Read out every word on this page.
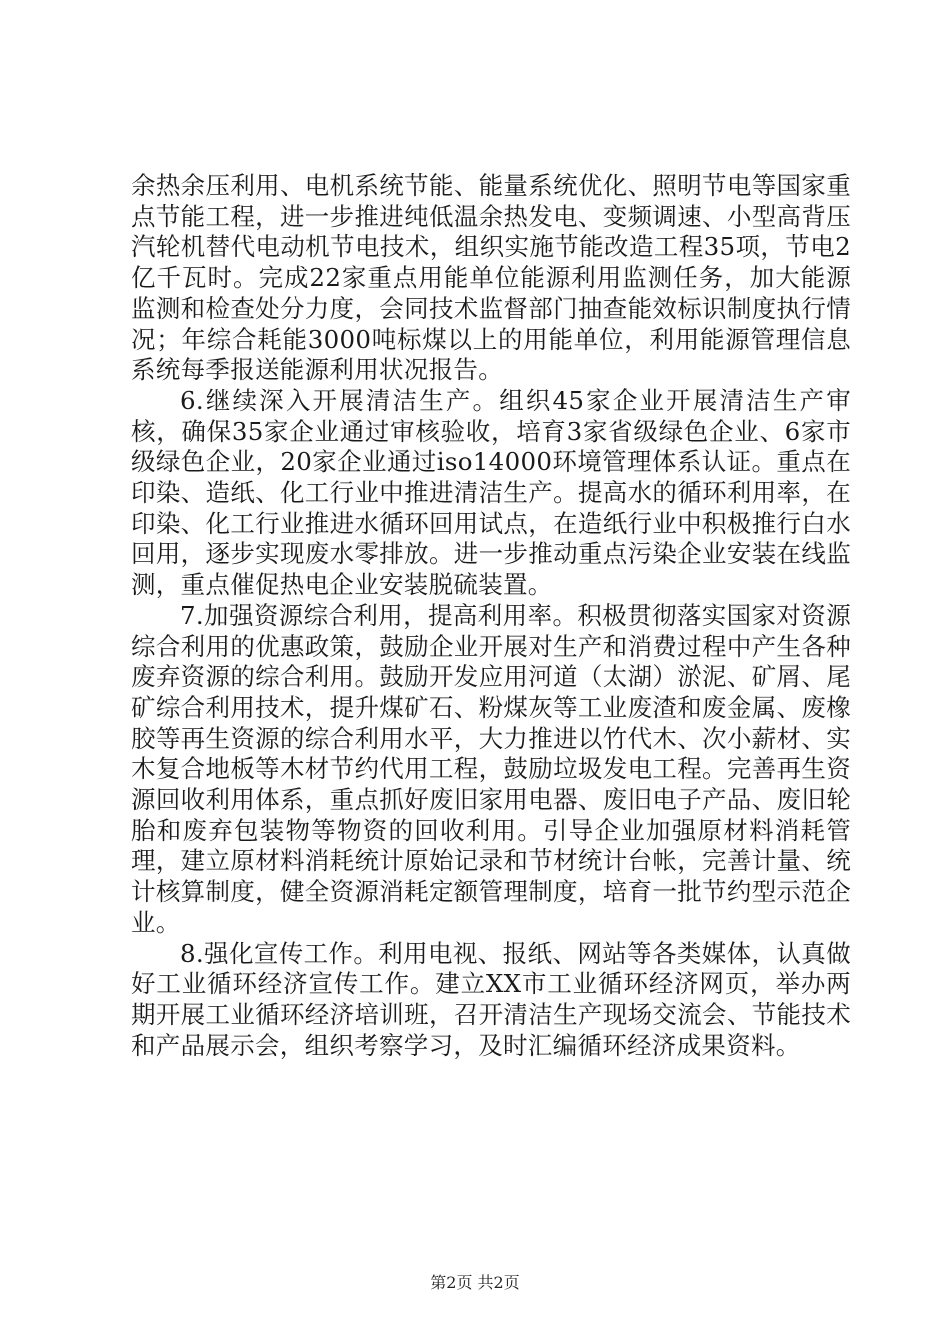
余热余压利用、电机系统节能、能量系统优化、照明节电等国家重点节能工程，进一步推进纯低温余热发电、变频调速、小型高背压汽轮机替代电动机节电技术，组织实施节能改造工程35项，节电2亿千瓦时。完成22家重点用能单位能源利用监测任务，加大能源监测和检查处分力度，会同技术监督部门抽查能效标识制度执行情况；年综合耗能3000吨标煤以上的用能单位，利用能源管理信息系统每季报送能源利用状况报告。

6.继续深入开展清洁生产。组织45家企业开展清洁生产审核，确保35家企业通过审核验收，培育3家省级绿色企业、6家市级绿色企业，20家企业通过iso14000环境管理体系认证。重点在印染、造纸、化工行业中推进清洁生产。提高水的循环利用率，在印染、化工行业推进水循环回用试点，在造纸行业中积极推行白水回用，逐步实现废水零排放。进一步推动重点污染企业安装在线监测，重点催促热电企业安装脱硫装置。

7.加强资源综合利用，提高利用率。积极贯彻落实国家对资源综合利用的优惠政策，鼓励企业开展对生产和消费过程中产生各种废弃资源的综合利用。鼓励开发应用河道（太湖）淤泥、矿屑、尾矿综合利用技术，提升煤矿石、粉煤灰等工业废渣和废金属、废橡胶等再生资源的综合利用水平，大力推进以竹代木、次小薪材、实木复合地板等木材节约代用工程，鼓励垃圾发电工程。完善再生资源回收利用体系，重点抓好废旧家用电器、废旧电子产品、废旧轮胎和废弃包装物等物资的回收利用。引导企业加强原材料消耗管理，建立原材料消耗统计原始记录和节材统计台帐，完善计量、统计核算制度，健全资源消耗定额管理制度，培育一批节约型示范企业。

8.强化宣传工作。利用电视、报纸、网站等各类媒体，认真做好工业循环经济宣传工作。建立XX市工业循环经济网页，举办两期开展工业循环经济培训班，召开清洁生产现场交流会、节能技术和产品展示会，组织考察学习，及时汇编循环经济成果资料。

第2页 共2页
